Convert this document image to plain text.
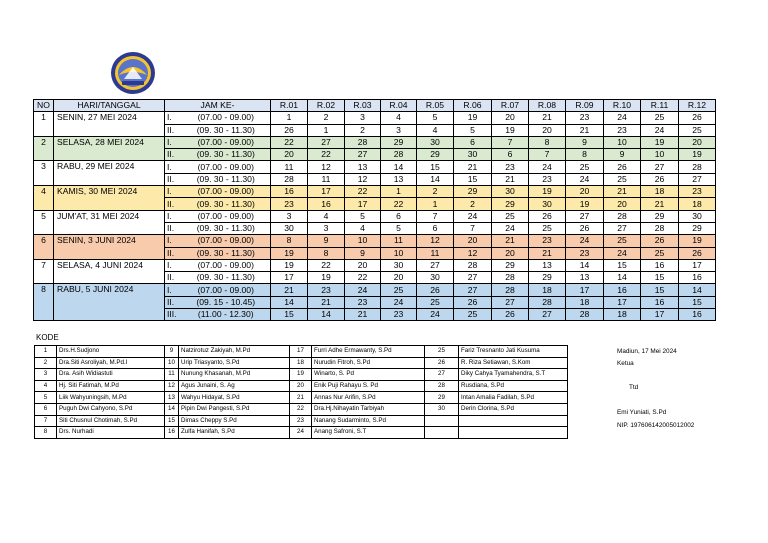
NO	HARI/TANGGAL	JAM KE-		R.01	R.02	R.03	R.04	R.05	R.06	R.07	R.08	R.09	R.10	R.11	R.12
1	SENIN, 27 MEI 2024	I.	(07.00 - 09.00)	1	2	3	4	5	19	20	21	23	24	25	26
		II.	(09. 30 - 11.30)	26	1	2	3	4	5	19	20	21	23	24	25
2	SELASA, 28 MEI 2024	I.	(07.00 - 09.00)	22	27	28	29	30	6	7	8	9	10	19	20
		II.	(09. 30 - 11.30)	20	22	27	28	29	30	6	7	8	9	10	19
3	RABU, 29 MEI 2024	I.	(07.00 - 09.00)	11	12	13	14	15	21	23	24	25	26	27	28
		II.	(09. 30 - 11.30)	28	11	12	13	14	15	21	23	24	25	26	27
4	KAMIS, 30 MEI 2024	I.	(07.00 - 09.00)	16	17	22	1	2	29	30	19	20	21	18	23
		II.	(09. 30 - 11.30)	23	16	17	22	1	2	29	30	19	20	21	18
5	JUM'AT, 31 MEI 2024	I.	(07.00 - 09.00)	3	4	5	6	7	24	25	26	27	28	29	30
		II.	(09. 30 - 11.30)	30	3	4	5	6	7	24	25	26	27	28	29
6	SENIN, 3 JUNI 2024	I.	(07.00 - 09.00)	8	9	10	11	12	20	21	23	24	25	26	19
		II.	(09. 30 - 11.30)	19	8	9	10	11	12	20	21	23	24	25	26
7	SELASA, 4 JUNI 2024	I.	(07.00 - 09.00)	19	22	20	30	27	28	29	13	14	15	16	17
		II.	(09. 30 - 11.30)	17	19	22	20	30	27	28	29	13	14	15	16
8	RABU, 5 JUNI 2024	I.	(07.00 - 09.00)	21	23	24	25	26	27	28	18	17	16	15	14
		II.	(09. 15 - 10.45)	14	21	23	24	25	26	27	28	18	17	16	15
		III.	(11.00 - 12.30)	15	14	21	23	24	25	26	27	28	18	17	16
KODE
1	Drs.H.Sudjono	9	Natzirotuz Zakiyah, M.Pd	17	Furri Adhe Ermawanty, S.Pd	25	Fariz Tresnanto Jati Kusuma
2	Dra.Siti Asroliyah, M.Pd.I	10	Urip Triasyanto, S.Pd	18	Nurudin Fitroh, S.Pd	26	R. Riza Setiawan, S.Kom
3	Dra. Asih Widiastuti	11	Nunung Khasanah, M.Pd	19	Winarto, S. Pd	27	Diky Cahya Tyamahendra, S.T
4	Hj. Siti Fatimah, M.Pd	12	Agus Junaini, S. Ag	20	Enik Puji Rahayu S. Pd	28	Rusdiana, S.Pd
5	Liik Wahyuningsih, M.Pd	13	Wahyu Hidayat, S.Pd	21	Annas Nur Arifin, S.Pd	29	Intan Amalia Fadilah, S.Pd
6	Puguh Dwi Cahyono, S.Pd	14	Pipin Dwi Pangesti, S.Pd	22	Dra.Hj.Nihayatin Tarbiyah	30	Derin Clorina, S.Pd
7	Siti Chusnul Chotimah, S.Pd	15	Dimas Cheppy S.Pd	23	Nanang Sudarminto, S.Pd		
8	Drs. Nurhadi	16	Zulfa Hanifah, S.Pd	24	Anang Safroni, S.T		
Madiun, 17 Mei 2024
Ketua
Ttd
Emi Yuniati, S.Pd
NIP. 197606142005012002
